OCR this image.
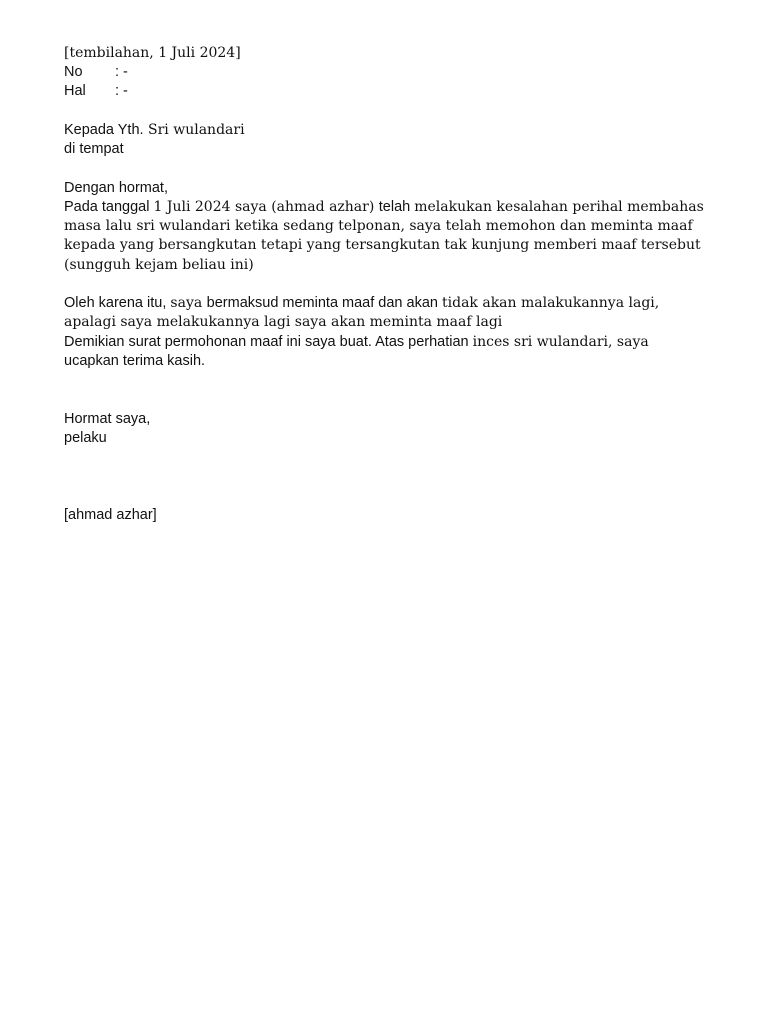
[tembilahan, 1 Juli 2024]
No	: -
Hal	: -
Kepada Yth. Sri wulandari
di tempat
Dengan hormat,
Pada tanggal 1 Juli 2024 saya (ahmad azhar) telah melakukan kesalahan perihal membahas
masa lalu sri wulandari ketika sedang telponan, saya telah memohon dan meminta maaf
kepada yang bersangkutan tetapi yang tersangkutan tak kunjung memberi maaf tersebut
(sungguh kejam beliau ini)
Oleh karena itu, saya bermaksud meminta maaf dan akan tidak akan malakukannya lagi,
apalagi saya melakukannya lagi saya akan meminta maaf lagi
Demikian surat permohonan maaf ini saya buat. Atas perhatian inces sri wulandari, saya
ucapkan terima kasih.
Hormat saya,
pelaku
[ahmad azhar]
